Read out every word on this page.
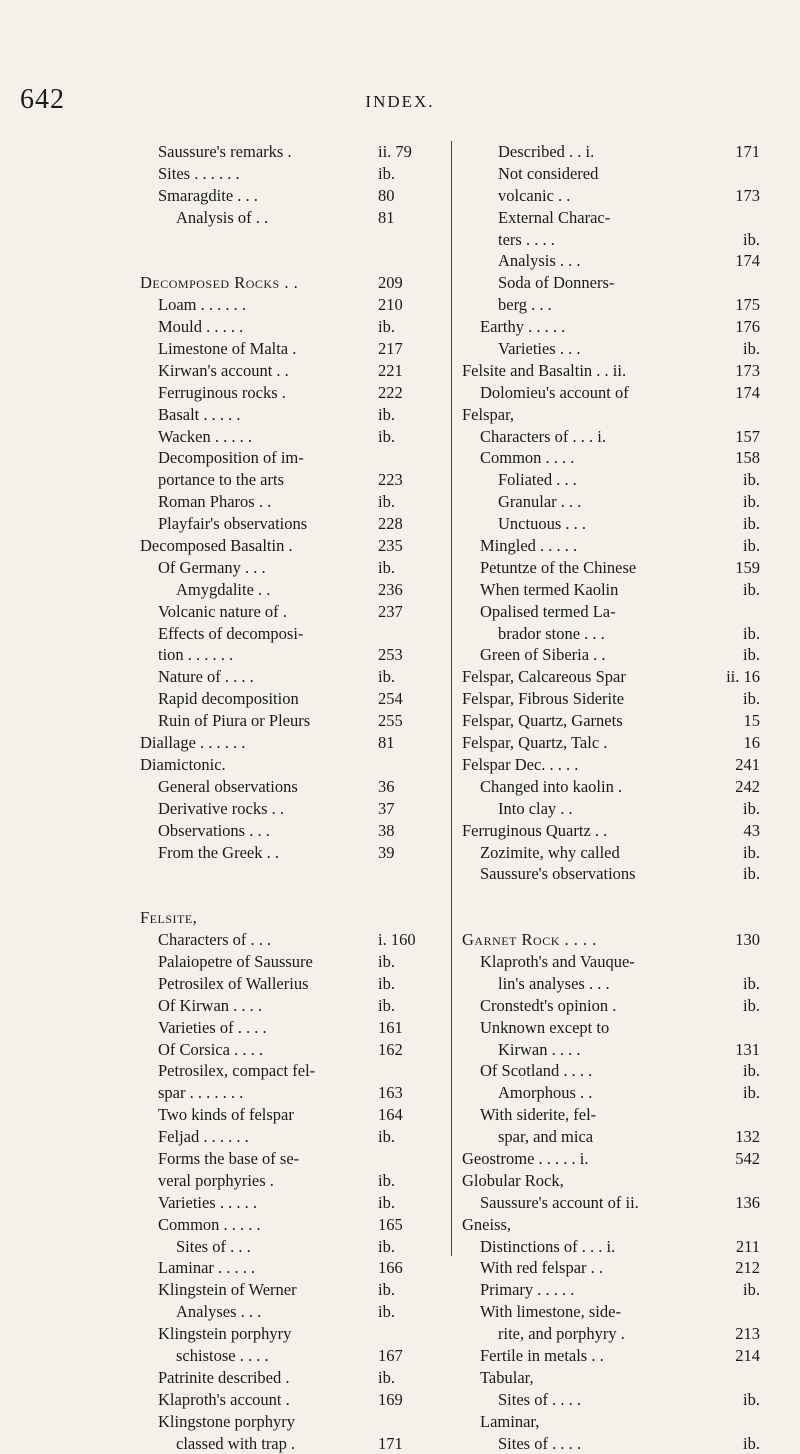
642	INDEX.
Saussure's remarks .	ii. 79
Sites . . . . . .	ib.
Smaragdite . . .	80
Analysis of . .	81
Decomposed Rocks . .	209
Loam . . . . . .	210
Mould . . . . .	ib.
Limestone of Malta .	217
Kirwan's account . .	221
Ferruginous rocks .	222
Basalt . . . . .	ib.
Wacken . . . . .	ib.
Decomposition of im-
portance to the arts	223
Roman Pharos . .	ib.
Playfair's observations	228
Decomposed Basaltin .	235
Of Germany . . .	ib.
Amygdalite . .	236
Volcanic nature of .	237
Effects of decomposi-
tion . . . . . .	253
Nature of . . . .	ib.
Rapid decomposition	254
Ruin of Piura or Pleurs	255
Diallage . . . . . .	81
Diamictonic.
General observations	36
Derivative rocks . .	37
Observations . . .	38
From the Greek . .	39
Felsite,
Characters of . . .	i. 160
Palaiopetre of Saussure	ib.
Petrosilex of Wallerius	ib.
Of Kirwan . . . .	ib.
Varieties of . . . .	161
Of Corsica . . . .	162
Petrosilex, compact fel-
spar . . . . . . .	163
Two kinds of felspar	164
Feljad . . . . . .	ib.
Forms the base of se-
veral porphyries .	ib.
Varieties . . . . .	ib.
Common . . . . .	165
Sites of . . .	ib.
Laminar . . . . .	166
Klingstein of Werner	ib.
Analyses . . .	ib.
Klingstein porphyry
schistose . . . .	167
Patrinite described .	ib.
Klaproth's account .	169
Klingstone porphyry
classed with trap .	171
Described . . i.	171
Not considered
volcanic . .	173
External Charac-
ters . . . .	ib.
Analysis . . .	174
Soda of Donners-
berg . . .	175
Earthy . . . . .	176
Varieties . . .	ib.
Felsite and Basaltin . . ii.	173
Dolomieu's account of	174
Felspar,
Characters of . . . i.	157
Common . . . .	158
Foliated . . .	ib.
Granular . . .	ib.
Unctuous . . .	ib.
Mingled . . . . .	ib.
Petuntze of the Chinese	159
When termed Kaolin	ib.
Opalised termed La-
brador stone . . .	ib.
Green of Siberia . .	ib.
Felspar, Calcareous Spar	ii. 16
Felspar, Fibrous Siderite	ib.
Felspar, Quartz, Garnets	15
Felspar, Quartz, Talc .	16
Felspar Dec. . . . .	241
Changed into kaolin .	242
Into clay . .	ib.
Ferruginous Quartz . .	43
Zozimite, why called	ib.
Saussure's observations	ib.
Garnet Rock . . . .	130
Klaproth's and Vauque-
lin's analyses . . .	ib.
Cronstedt's opinion .	ib.
Unknown except to
Kirwan . . . .	131
Of Scotland . . . .	ib.
Amorphous . .	ib.
With siderite, fel-
spar, and mica	132
Geostrome . . . . . i.	542
Globular Rock,
Saussure's account of ii.	136
Gneiss,
Distinctions of . . . i.	211
With red felspar . .	212
Primary . . . . .	ib.
With limestone, side-
rite, and porphyry .	213
Fertile in metals . .	214
Tabular,
Sites of . . . .	ib.
Laminar,
Sites of . . . .	ib.
